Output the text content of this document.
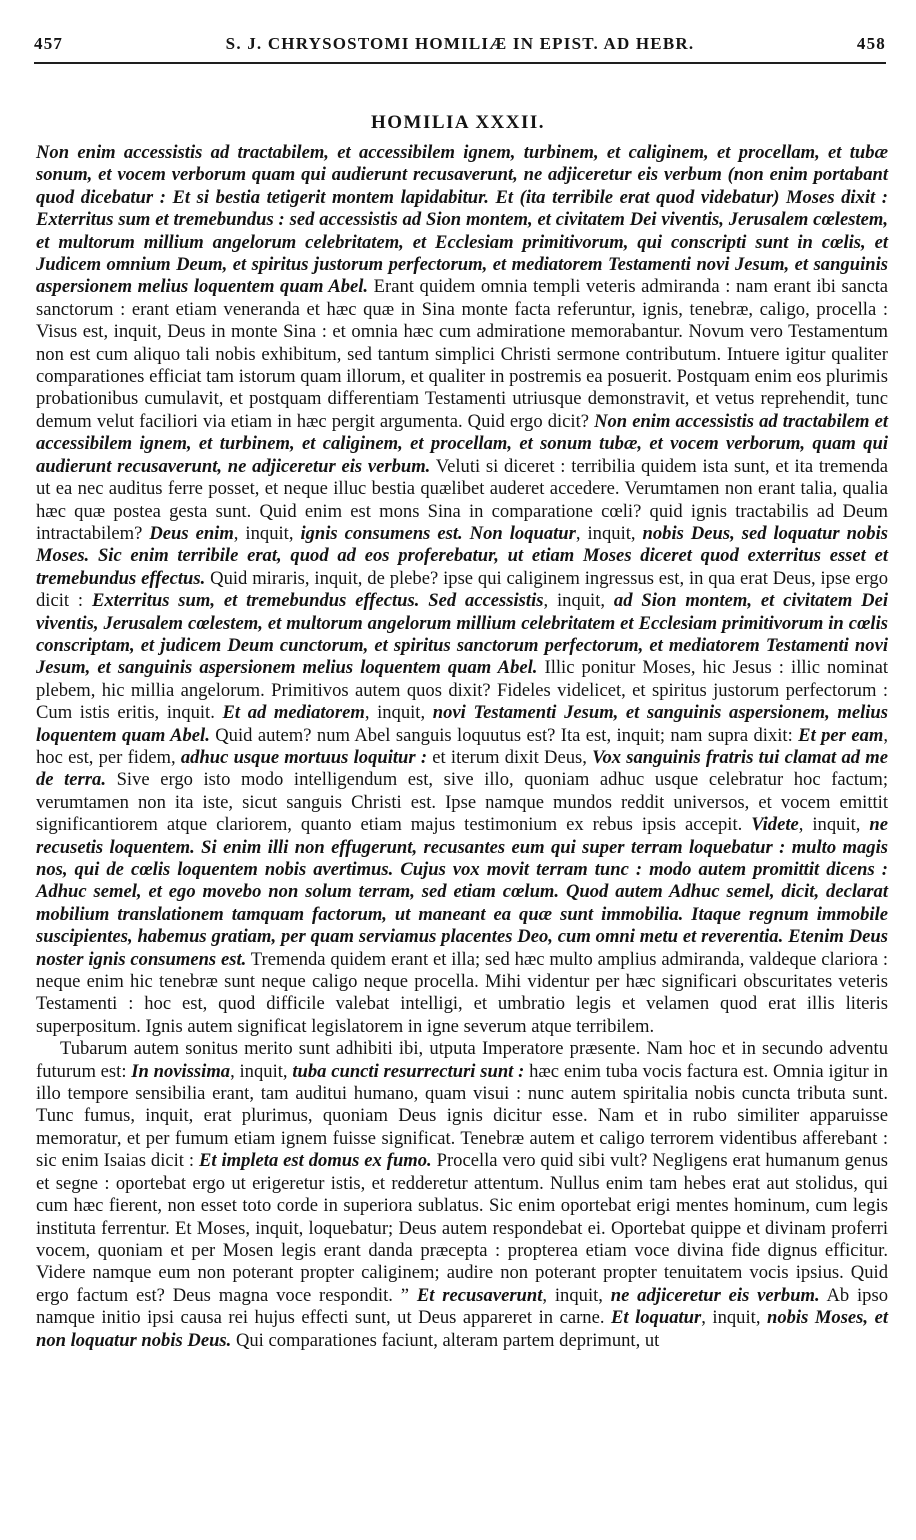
457	S. J. CHRYSOSTOMI HOMILIÆ IN EPIST. AD HEBR.	458
HOMILIA XXXII.

Non enim accessistis ad tractabilem, et accessibilem ignem, turbinem, et caliginem, et procellam, et tubæ sonum, et vocem verborum quam qui audierunt recusaverunt, ne adjiceretur eis verbum (non enim portabant quod dicebatur : Et si bestia tetigerit montem lapidabitur. Et (ita terribile erat quod videbatur) Moses dixit : Exterritus sum et tremebundus : sed accessistis ad Sion montem, et civitatem Dei viventis, Jerusalem cœlestem, et multorum millium angelorum celebritatem, et Ecclesiam primitivorum, qui conscripti sunt in cœlis, et Judicem omnium Deum, et spiritus justorum perfectorum, et mediatorem Testamenti novi Jesum, et sanguinis aspersionem melius loquentem quam Abel. Erant quidem omnia templi veteris admiranda : nam erant ibi sancta sanctorum : erant etiam veneranda et hæc quæ in Sina monte facta referuntur, ignis, tenebræ, caligo, procella : Visus est, inquit, Deus in monte Sina : et omnia hæc cum admiratione memorabantur. Novum vero Testamentum non est cum aliquo tali nobis exhibitum, sed tantum simplici Christi sermone contributum. Intuere igitur qualiter comparationes efficiat tam istorum quam illorum, et qualiter in postremis ea posuerit. Postquam enim eos plurimis probationibus cumulavit, et postquam differentiam Testamenti utriusque demonstravit, et vetus reprehendit, tunc demum velut faciliori via etiam in hæc pergit argumenta. Quid ergo dicit? Non enim accessistis ad tractabilem et accessibilem ignem, et turbinem, et caliginem, et procellam, et sonum tubæ, et vocem verborum, quam qui audierunt recusaverunt, ne adjiceretur eis verbum. Veluti si diceret : terribilia quidem ista sunt, et ita tremenda ut ea nec auditus ferre posset, et neque illuc bestia quælibet auderet accedere. Verumtamen non erant talia, qualia hæc quæ postea gesta sunt. Quid enim est mons Sina in comparatione cœli? quid ignis tractabilis ad Deum intractabilem? Deus enim, inquit, ignis consumens est. Non loquatur, inquit, nobis Deus, sed loquatur nobis Moses. Sic enim terribile erat, quod ad eos proferebatur, ut etiam Moses diceret quod exterritus esset et tremebundus effectus. Quid miraris, inquit, de plebe? ipse qui caliginem ingressus est, in qua erat Deus, ipse ergo dicit : Exterritus sum, et tremebundus effectus. Sed accessistis, inquit, ad Sion montem, et civitatem Dei viventis, Jerusalem cœlestem, et multorum angelorum millium celebritatem et Ecclesiam primitivorum in cœlis conscriptam, et judicem Deum cunctorum, et spiritus sanctorum perfectorum, et mediatorem Testamenti novi Jesum, et sanguinis aspersionem melius loquentem quam Abel. Illic ponitur Moses, hic Jesus : illic nominat plebem, hic millia angelorum. Primitivos autem quos dixit? Fideles videlicet, et spiritus justorum perfectorum : Cum istis eritis, inquit. Et ad mediatorem, inquit, novi Testamenti Jesum, et sanguinis aspersionem, melius loquentem quam Abel. Quid autem? num Abel sanguis loquutus est? Ita est, inquit; nam supra dixit: Et per eam, hoc est, per fidem, adhuc usque mortuus loquitur : et iterum dixit Deus, Vox sanguinis fratris tui clamat ad me de terra. Sive ergo isto modo intelligendum est, sive illo, quoniam adhuc usque celebratur hoc factum; verumtamen non ita iste, sicut sanguis Christi est. Ipse namque mundos reddit universos, et vocem emittit significantiorem atque clariorem, quanto etiam majus testimonium ex rebus ipsis accepit. Videte, inquit, ne recusetis loquentem. Si enim illi non effugerunt, recusantes eum qui super terram loquebatur : multo magis nos, qui de cœlis loquentem nobis avertimus. Cujus vox movit terram tunc : modo autem promittit dicens : Adhuc semel, et ego movebo non solum terram, sed etiam cœlum. Quod autem Adhuc semel, dicit, declarat mobilium translationem tamquam factorum, ut maneant ea quæ sunt immobilia. Itaque regnum immobile suscipientes, habemus gratiam, per quam serviamus placentes Deo, cum omni metu et reverentia. Etenim Deus noster ignis consumens est. Tremenda quidem erant et illa; sed hæc multo amplius admiranda, valdeque clariora : neque enim hic tenebræ sunt neque caligo neque procella. Mihi videntur per hæc significari obscuritates veteris Testamenti : hoc est, quod difficile valebat intelligi, et umbratio legis et velamen quod erat illis literis superpositum. Ignis autem significat legislatorem in igne severum atque terribilem.

Tubarum autem sonitus merito sunt adhibiti ibi, utputa Imperatore præsente. Nam hoc et in secundo adventu futurum est: In novissima, inquit, tuba cuncti resurrecturi sunt : hæc enim tuba vocis factura est. Omnia igitur in illo tempore sensibilia erant, tam auditui humano, quam visui : nunc autem spiritalia nobis cuncta tributa sunt. Tunc fumus, inquit, erat plurimus, quoniam Deus ignis dicitur esse. Nam et in rubo similiter apparuisse memoratur, et per fumum etiam ignem fuisse significat. Tenebræ autem et caligo terrorem videntibus afferebant : sic enim Isaias dicit : Et impleta est domus ex fumo. Procella vero quid sibi vult? Negligens erat humanum genus et segne : oportebat ergo ut erigeretur istis, et redderetur attentum. Nullus enim tam hebes erat aut stolidus, qui cum hæc fierent, non esset toto corde in superiora sublatus. Sic enim oportebat erigi mentes hominum, cum legis instituta ferrentur. Et Moses, inquit, loquebatur; Deus autem respondebat ei. Oportebat quippe et divinam proferri vocem, quoniam et per Mosen legis erant danda præcepta : propterea etiam voce divina fide dignus efficitur. Videre namque eum non poterant propter caliginem; audire non poterant propter tenuitatem vocis ipsius. Quid ergo factum est? Deus magna voce respondit. ” Et recusaverunt, inquit, ne adjiceretur eis verbum. Ab ipso namque initio ipsi causa rei hujus effecti sunt, ut Deus appareret in carne. Et loquatur, inquit, nobis Moses, et non loquatur nobis Deus. Qui comparationes faciunt, alteram partem deprimunt, ut
